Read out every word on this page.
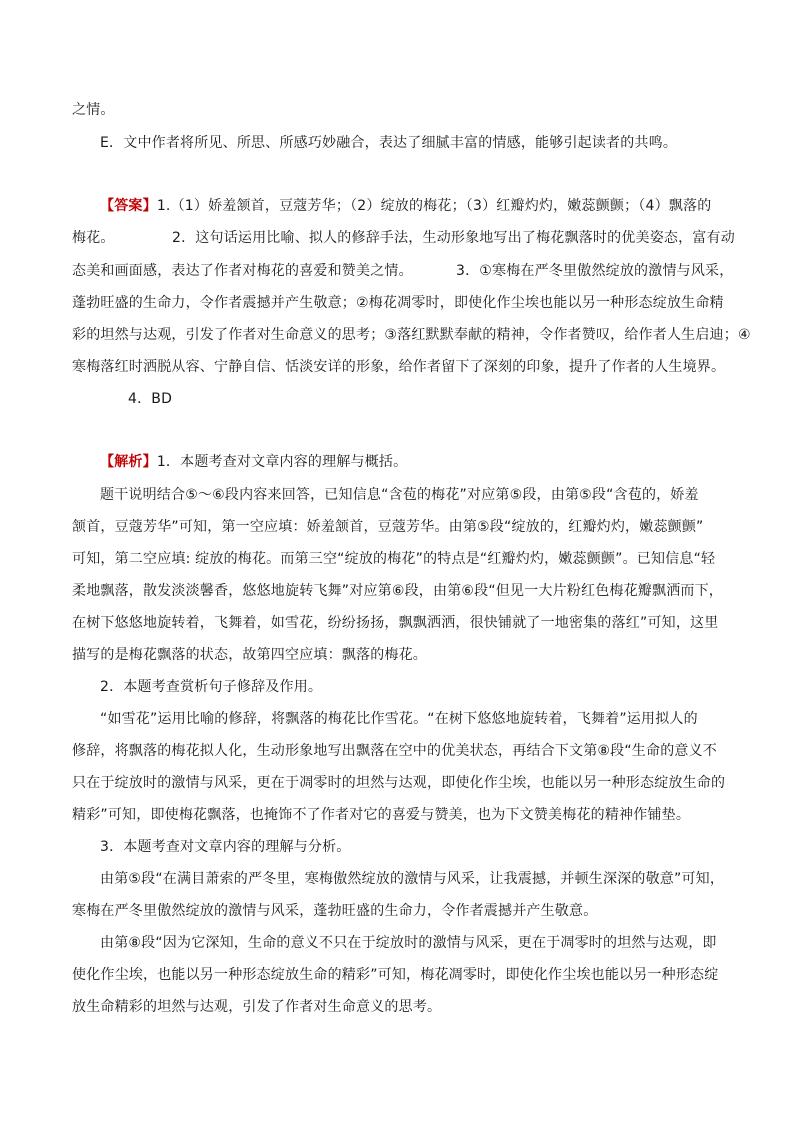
之情。
E．文中作者将所见、所思、所感巧妙融合，表达了细腻丰富的情感，能够引起读者的共鸣。
【答案】1.（1）娇羞颔首，豆蔻芳华；（2）绽放的梅花；（3）红瓣灼灼，嫩蕊颤颤；（4）飘落的
梅花。	2．这句话运用比喻、拟人的修辞手法，生动形象地写出了梅花飘落时的优美姿态，富有动
态美和画面感，表达了作者对梅花的喜爱和赞美之情。	3．①寒梅在严冬里傲然绽放的激情与风采，
蓬勃旺盛的生命力，令作者震撼并产生敬意；②梅花凋零时，即使化作尘埃也能以另一种形态绽放生命精
彩的坦然与达观，引发了作者对生命意义的思考；③落红默默奉献的精神，令作者赞叹，给作者人生启迪；④
寒梅落红时洒脱从容、宁静自信、恬淡安详的形象，给作者留下了深刻的印象，提升了作者的人生境界。
4．BD
【解析】1．本题考查对文章内容的理解与概括。
题干说明结合⑤～⑥段内容来回答，已知信息“含苞的梅花”对应第⑤段，由第⑤段“含苞的，娇羞
颔首，豆蔻芳华”可知，第一空应填：娇羞颔首，豆蔻芳华。由第⑤段“绽放的，红瓣灼灼，嫩蕊颤颤”
可知，第二空应填: 绽放的梅花。而第三空“绽放的梅花”的特点是“红瓣灼灼，嫩蕊颤颤”。已知信息“轻
柔地飘落，散发淡淡馨香，悠悠地旋转飞舞”对应第⑥段，由第⑥段“但见一大片粉红色梅花瓣飘洒而下，
在树下悠悠地旋转着，飞舞着，如雪花，纷纷扬扬，飘飘洒洒，很快铺就了一地密集的落红”可知，这里
描写的是梅花飘落的状态，故第四空应填：飘落的梅花。
2．本题考查赏析句子修辞及作用。
“如雪花”运用比喻的修辞，将飘落的梅花比作雪花。“在树下悠悠地旋转着，飞舞着”运用拟人的
修辞，将飘落的梅花拟人化，生动形象地写出飘落在空中的优美状态，再结合下文第⑧段“生命的意义不
只在于绽放时的激情与风采，更在于凋零时的坦然与达观，即使化作尘埃，也能以另一种形态绽放生命的
精彩”可知，即使梅花飘落，也掩饰不了作者对它的喜爱与赞美，也为下文赞美梅花的精神作铺垫。
3．本题考查对文章内容的理解与分析。
由第⑤段“在满目萧索的严冬里，寒梅傲然绽放的激情与风采，让我震撼，并顿生深深的敬意”可知，
寒梅在严冬里傲然绽放的激情与风采，蓬勃旺盛的生命力，令作者震撼并产生敬意。
由第⑧段“因为它深知，生命的意义不只在于绽放时的激情与风采，更在于凋零时的坦然与达观，即
使化作尘埃，也能以另一种形态绽放生命的精彩”可知，梅花凋零时，即使化作尘埃也能以另一种形态绽
放生命精彩的坦然与达观，引发了作者对生命意义的思考。
